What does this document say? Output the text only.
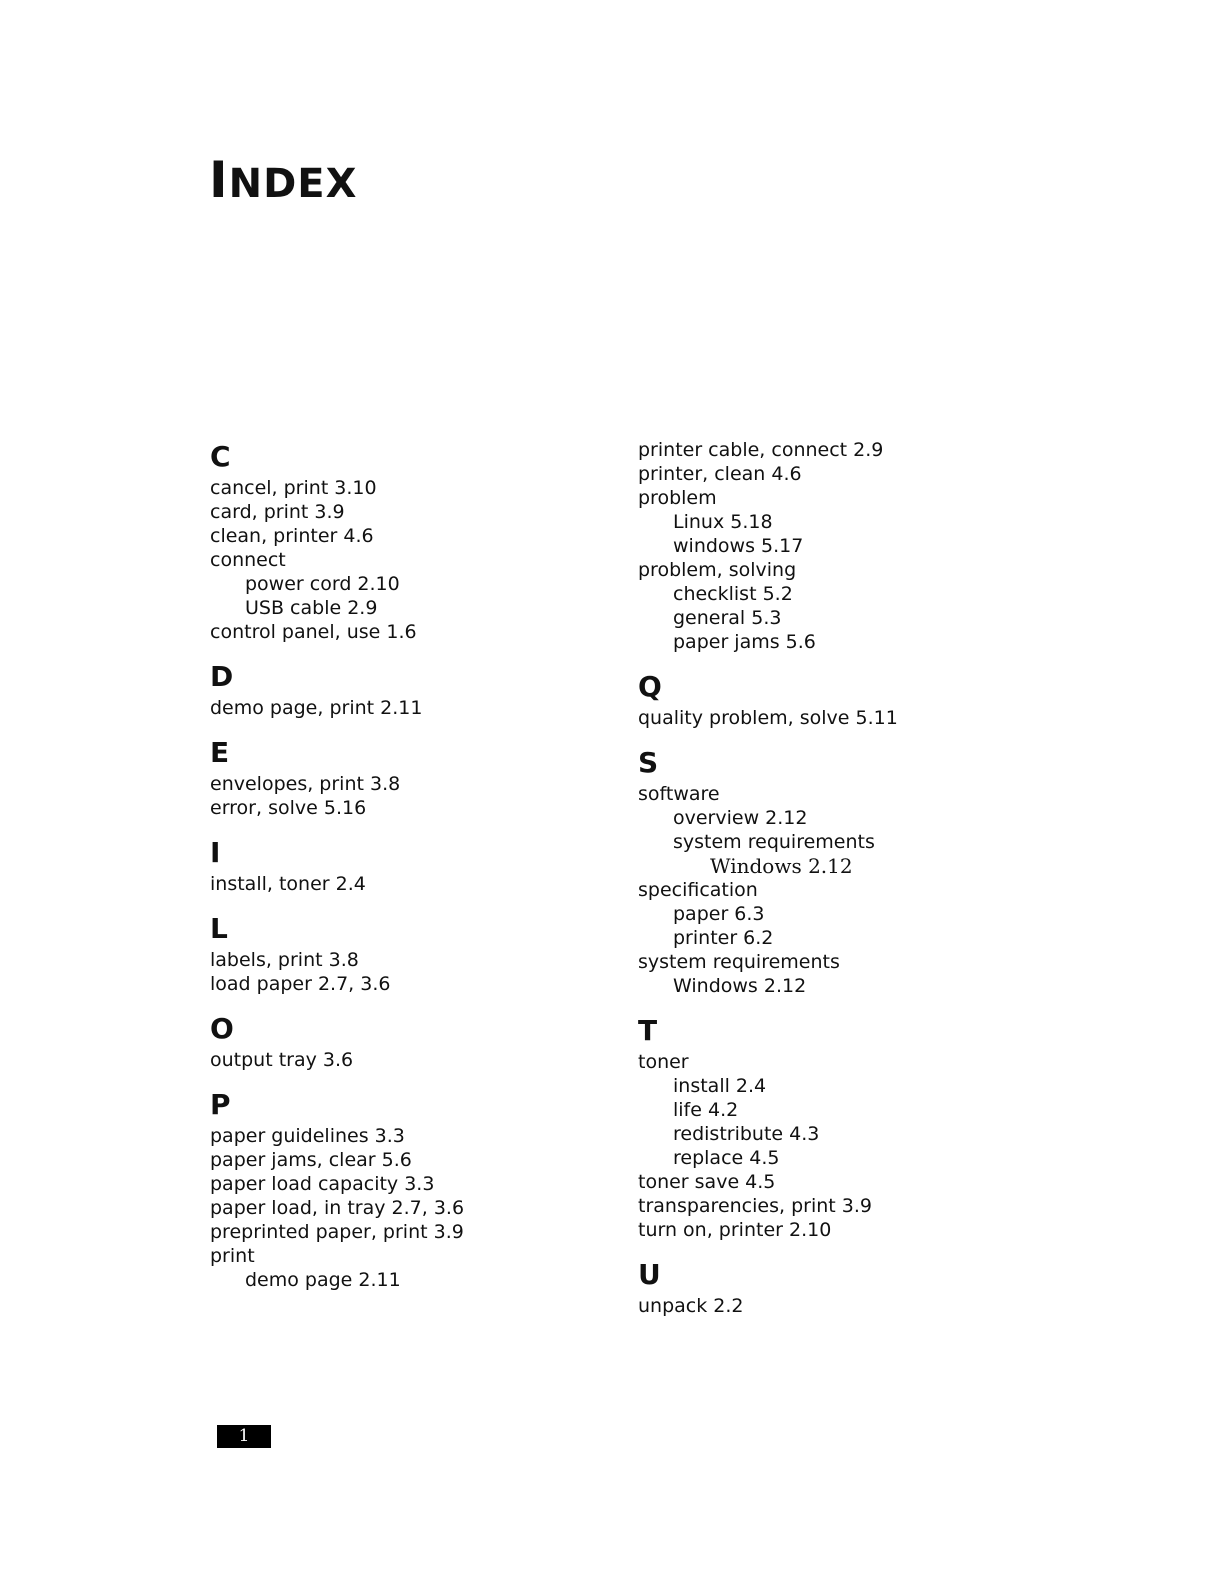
INDEX
C
cancel, print 3.10
card, print 3.9
clean, printer 4.6
connect
power cord 2.10
USB cable 2.9
control panel, use 1.6
D
demo page, print 2.11
E
envelopes, print 3.8
error, solve 5.16
I
install, toner 2.4
L
labels, print 3.8
load paper 2.7, 3.6
O
output tray 3.6
P
paper guidelines 3.3
paper jams, clear 5.6
paper load capacity 3.3
paper load, in tray 2.7, 3.6
preprinted paper, print 3.9
print
demo page 2.11
printer cable, connect 2.9
printer, clean 4.6
problem
Linux 5.18
windows 5.17
problem, solving
checklist 5.2
general 5.3
paper jams 5.6
Q
quality problem, solve 5.11
S
software
overview 2.12
system requirements
Windows 2.12
specification
paper 6.3
printer 6.2
system requirements
Windows 2.12
T
toner
install 2.4
life 4.2
redistribute 4.3
replace 4.5
toner save 4.5
transparencies, print 3.9
turn on, printer 2.10
U
unpack 2.2
1
